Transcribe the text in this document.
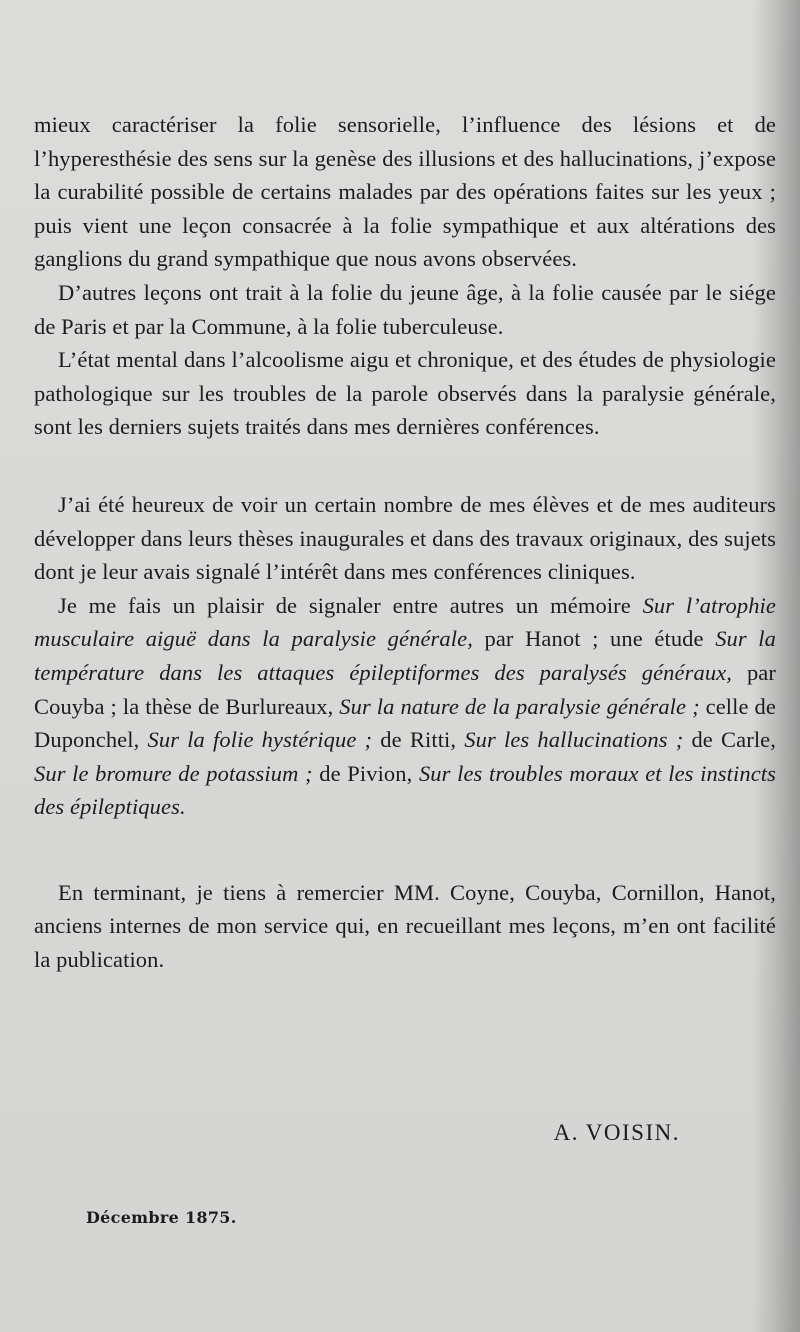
mieux caractériser la folie sensorielle, l’influence des lésions et de l’hyperesthésie des sens sur la genèse des illusions et des hallucinations, j’expose la curabilité possible de certains malades par des opérations faites sur les yeux ; puis vient une leçon consacrée à la folie sympathique et aux altérations des ganglions du grand sympathique que nous avons observées.

D’autres leçons ont trait à la folie du jeune âge, à la folie causée par le siége de Paris et par la Commune, à la folie tuberculeuse.

L’état mental dans l’alcoolisme aigu et chronique, et des études de physiologie pathologique sur les troubles de la parole observés dans la paralysie générale, sont les derniers sujets traités dans mes dernières conférences.

J’ai été heureux de voir un certain nombre de mes élèves et de mes auditeurs développer dans leurs thèses inaugurales et dans des travaux originaux, des sujets dont je leur avais signalé l’intérêt dans mes conférences cliniques.

Je me fais un plaisir de signaler entre autres un mémoire Sur l’atrophie musculaire aiguë dans la paralysie générale, par Hanot ; une étude Sur la température dans les attaques épileptiformes des paralysés généraux, par Couyba ; la thèse de Burlureaux, Sur la nature de la paralysie générale ; celle de Duponchel, Sur la folie hystérique ; de Ritti, Sur les hallucinations ; de Carle, Sur le bromure de potassium ; de Pivion, Sur les troubles moraux et les instincts des épileptiques.

En terminant, je tiens à remercier MM. Coyne, Couyba, Cornillon, Hanot, anciens internes de mon service qui, en recueillant mes leçons, m’en ont facilité la publication.

A. VOISIN.
Décembre 1875.
